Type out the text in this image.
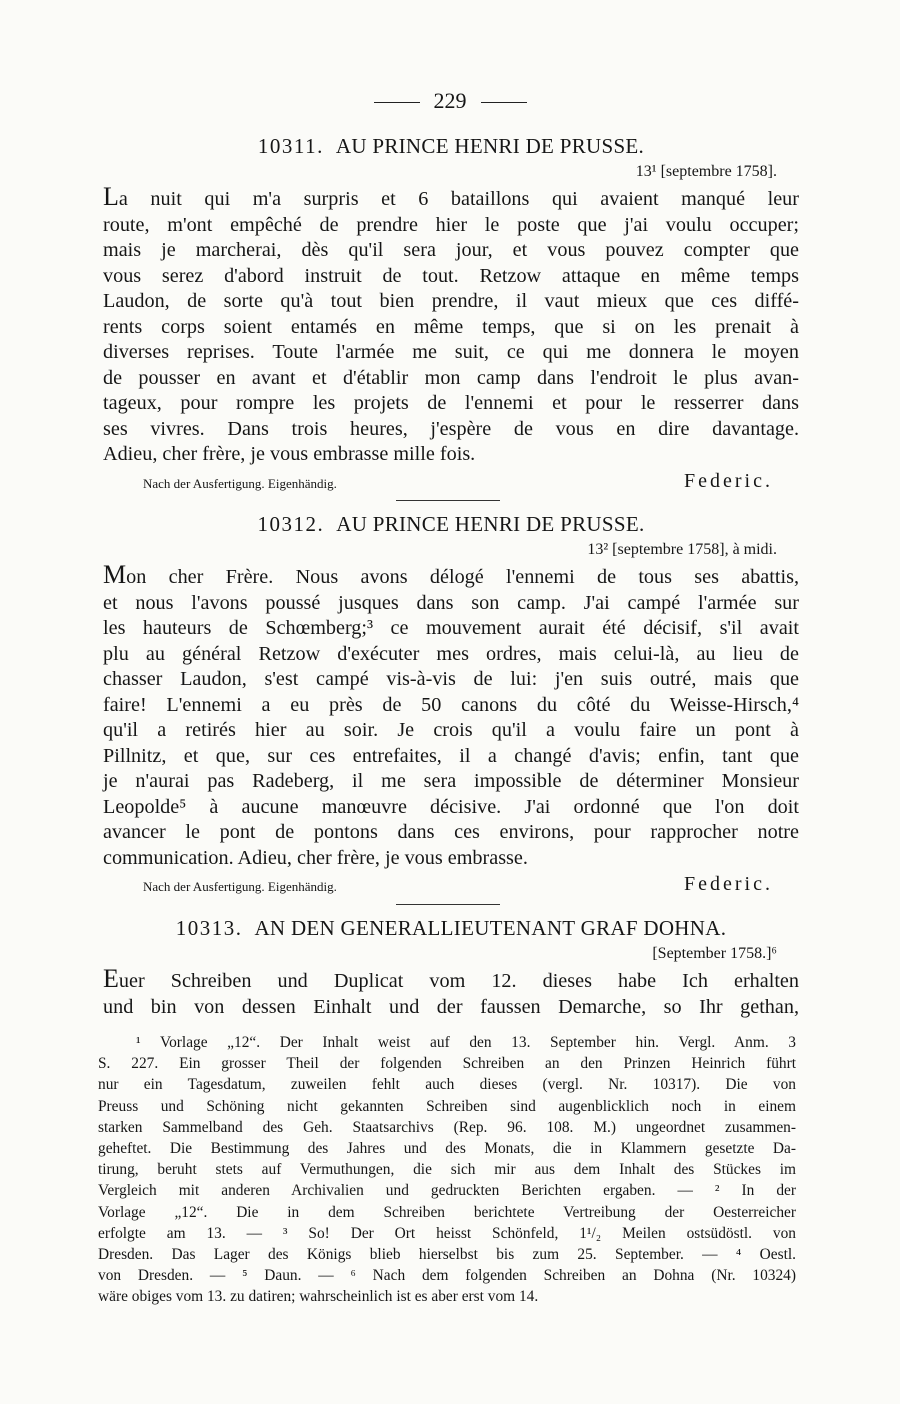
229
10311. AU PRINCE HENRI DE PRUSSE.
13¹ [septembre 1758].

La nuit qui m'a surpris et 6 bataillons qui avaient manqué leur
route, m'ont empêché de prendre hier le poste que j'ai voulu occuper;
mais je marcherai, dès qu'il sera jour, et vous pouvez compter que
vous serez d'abord instruit de tout. Retzow attaque en même temps
Laudon, de sorte qu'à tout bien prendre, il vaut mieux que ces diffé-
rents corps soient entamés en même temps, que si on les prenait à
diverses reprises. Toute l'armée me suit, ce qui me donnera le moyen
de pousser en avant et d'établir mon camp dans l'endroit le plus avan-
tageux, pour rompre les projets de l'ennemi et pour le resserrer dans
ses vivres. Dans trois heures, j'espère de vous en dire davantage.
Adieu, cher frère, je vous embrasse mille fois.

Nach der Ausfertigung. Eigenhändig.	Federic.
10312. AU PRINCE HENRI DE PRUSSE.
13² [septembre 1758], à midi.

Mon cher Frère. Nous avons délogé l'ennemi de tous ses abattis,
et nous l'avons poussé jusques dans son camp. J'ai campé l'armée sur
les hauteurs de Schœmberg;³ ce mouvement aurait été décisif, s'il avait
plu au général Retzow d'exécuter mes ordres, mais celui-là, au lieu de
chasser Laudon, s'est campé vis-à-vis de lui: j'en suis outré, mais que
faire! L'ennemi a eu près de 50 canons du côté du Weisse-Hirsch,⁴
qu'il a retirés hier au soir. Je crois qu'il a voulu faire un pont à
Pillnitz, et que, sur ces entrefaites, il a changé d'avis; enfin, tant que
je n'aurai pas Radeberg, il me sera impossible de déterminer Monsieur
Leopolde⁵ à aucune manœuvre décisive. J'ai ordonné que l'on doit
avancer le pont de pontons dans ces environs, pour rapprocher notre
communication. Adieu, cher frère, je vous embrasse.

Nach der Ausfertigung. Eigenhändig.	Federic.
10313. AN DEN GENERALLIEUTENANT GRAF DOHNA.
[September 1758.]⁶

Euer Schreiben und Duplicat vom 12. dieses habe Ich erhalten
und bin von dessen Einhalt und der faussen Demarche, so Ihr gethan,

¹ Vorlage „12“. Der Inhalt weist auf den 13. September hin. Vergl. Anm. 3
S. 227. Ein grosser Theil der folgenden Schreiben an den Prinzen Heinrich führt
nur ein Tagesdatum, zuweilen fehlt auch dieses (vergl. Nr. 10317). Die von
Preuss und Schöning nicht gekannten Schreiben sind augenblicklich noch in einem
starken Sammelband des Geh. Staatsarchivs (Rep. 96. 108. M.) ungeordnet zusammen-
geheftet. Die Bestimmung des Jahres und des Monats, die in Klammern gesetzte Da-
tirung, beruht stets auf Vermuthungen, die sich mir aus dem Inhalt des Stückes im
Vergleich mit anderen Archivalien und gedruckten Berichten ergaben. — ² In der
Vorlage „12“. Die in dem Schreiben berichtete Vertreibung der Oesterreicher
erfolgte am 13. — ³ So! Der Ort heisst Schönfeld, 1¹/₂ Meilen ostsüdöstl. von
Dresden. Das Lager des Königs blieb hierselbst bis zum 25. September. — ⁴ Oestl.
von Dresden. — ⁵ Daun. — ⁶ Nach dem folgenden Schreiben an Dohna (Nr. 10324)
wäre obiges vom 13. zu datiren; wahrscheinlich ist es aber erst vom 14.
